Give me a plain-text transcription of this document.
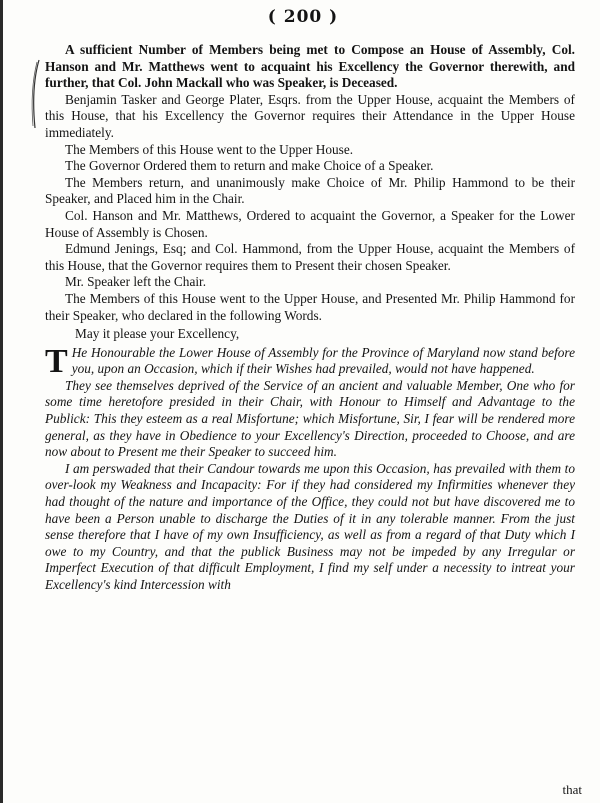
( 200 )

A sufficient Number of Members being met to Compose an House of Assembly, Col. Hanson and Mr. Matthews went to acquaint his Excellency the Governor therewith, and further, that Col. John Mackall who was Speaker, is Deceased.

Benjamin Tasker and George Plater, Esqrs. from the Upper House, acquaint the Members of this House, that his Excellency the Governor requires their Attendance in the Upper House immediately.

The Members of this House went to the Upper House.

The Governor Ordered them to return and make Choice of a Speaker.

The Members return, and unanimously make Choice of Mr. Philip Hammond to be their Speaker, and Placed him in the Chair.

Col. Hanson and Mr. Matthews, Ordered to acquaint the Governor, a Speaker for the Lower House of Assembly is Chosen.

Edmund Jenings, Esq; and Col. Hammond, from the Upper House, acquaint the Members of this House, that the Governor requires them to Present their chosen Speaker.

Mr. Speaker left the Chair.

The Members of this House went to the Upper House, and Presented Mr. Philip Hammond for their Speaker, who declared in the following Words.

May it please your Excellency,

T He Honourable the Lower House of Assembly for the Province of Maryland now stand before you, upon an Occasion, which if their Wishes had prevailed, would not have happened.

They see themselves deprived of the Service of an ancient and valuable Member, One who for some time heretofore presided in their Chair, with Honour to Himself and Advantage to the Publick: This they esteem as a real Misfortune; which Misfortune, Sir, I fear will be rendered more general, as they have in Obedience to your Excellency's Direction, proceeded to Choose, and are now about to Present me their Speaker to succeed him.

I am perswaded that their Candour towards me upon this Occasion, has prevailed with them to over-look my Weakness and Incapacity: For if they had considered my Infirmities whenever they had thought of the nature and importance of the Office, they could not but have discovered me to have been a Person unable to discharge the Duties of it in any tolerable manner. From the just sense therefore that I have of my own Insufficiency, as well as from a regard of that Duty which I owe to my Country, and that the publick Business may not be impeded by any Irregular or Imperfect Execution of that difficult Employment, I find my self under a necessity to intreat your Excellency's kind Intercession with

that
